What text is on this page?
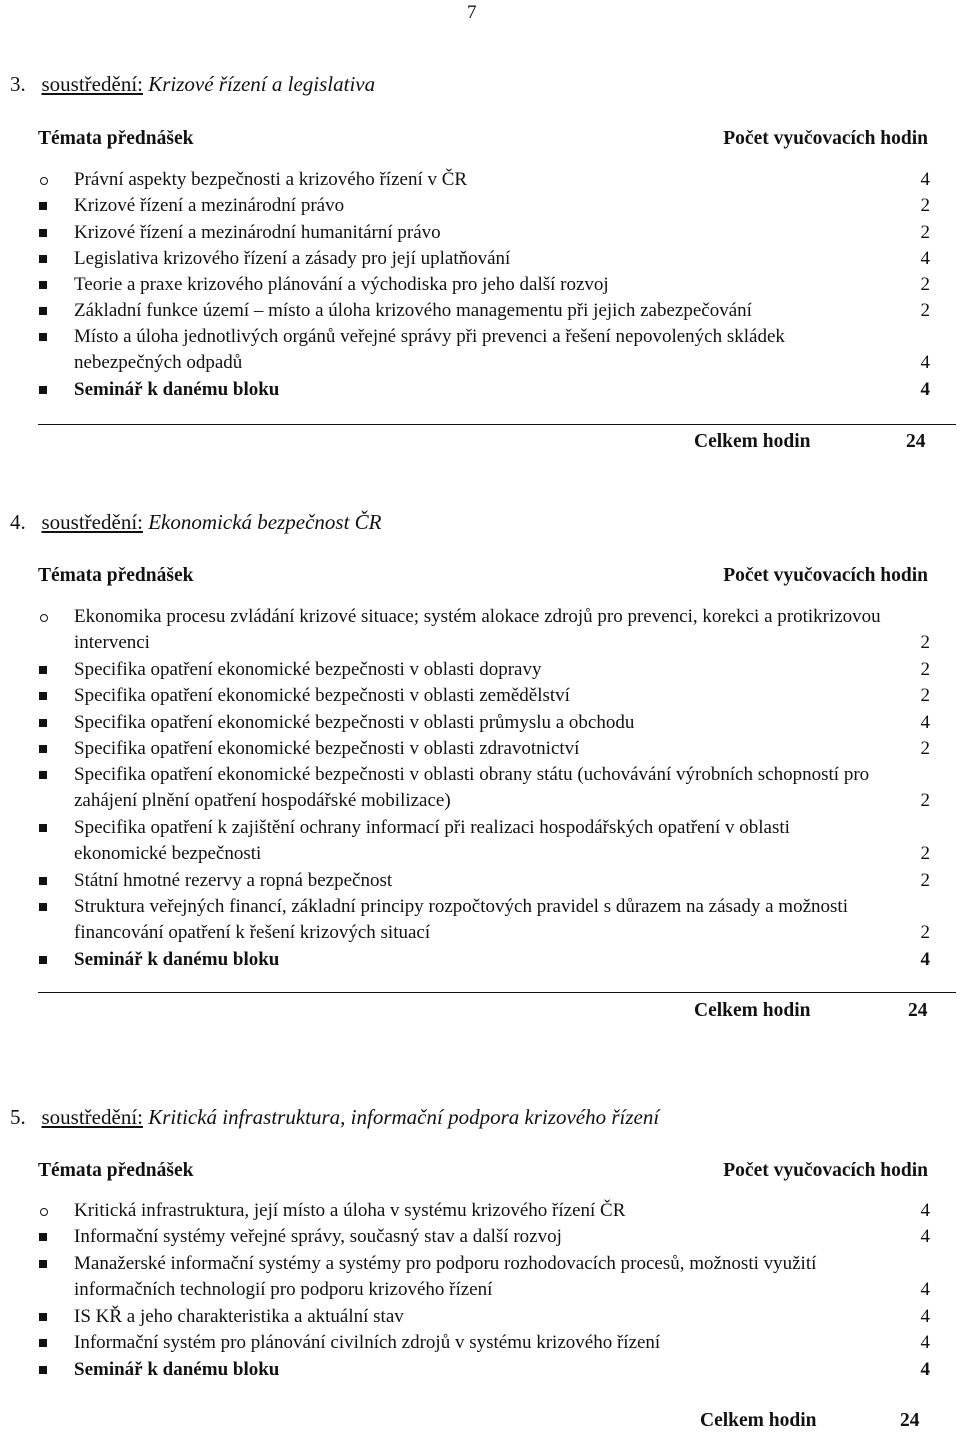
7
3. soustředění: Krizové řízení a legislativa
Témata přednášek	Počet vyučovacích hodin
Právní aspekty bezpečnosti a krizového řízení v ČR	4
Krizové řízení a mezinárodní právo	2
Krizové řízení a mezinárodní humanitární právo	2
Legislativa krizového řízení a zásady pro její uplatňování	4
Teorie a praxe krizového plánování a východiska pro jeho další rozvoj	2
Základní funkce území – místo a úloha krizového managementu při jejich zabezpečování	2
Místo a úloha jednotlivých orgánů veřejné správy při prevenci a řešení nepovolených skládek nebezpečných odpadů	4
Seminář k danému bloku	4
Celkem hodin	24
4. soustředění: Ekonomická bezpečnost ČR
Témata přednášek	Počet vyučovacích hodin
Ekonomika procesu zvládání krizové situace; systém alokace zdrojů pro prevenci, korekci a protikrizovou intervenci	2
Specifika opatření ekonomické bezpečnosti v oblasti dopravy	2
Specifika opatření ekonomické bezpečnosti v oblasti zemědělství	2
Specifika opatření ekonomické bezpečnosti v oblasti průmyslu a obchodu	4
Specifika opatření ekonomické bezpečnosti v oblasti zdravotnictví	2
Specifika opatření ekonomické bezpečnosti v oblasti obrany státu (uchovávání výrobních schopností pro zahájení plnění opatření hospodářské mobilizace)	2
Specifika opatření k zajištění ochrany informací při realizaci hospodářských opatření v oblasti ekonomické bezpečnosti	2
Státní hmotné rezervy a ropná bezpečnost	2
Struktura veřejných financí, základní principy rozpočtových pravidel s důrazem na zásady a možnosti financování opatření k řešení krizových situací	2
Seminář k danému bloku	4
Celkem hodin	24
5. soustředění: Kritická infrastruktura, informační podpora krizového řízení
Témata přednášek	Počet vyučovacích hodin
Kritická infrastruktura, její místo a úloha v systému krizového řízení ČR	4
Informační systémy veřejné správy, současný stav a další rozvoj	4
Manažerské informační systémy a systémy pro podporu rozhodovacích procesů, možnosti využití informačních technologií pro podporu krizového řízení	4
IS KŘ a jeho charakteristika a aktuální stav	4
Informační systém pro plánování civilních zdrojů v systému krizového řízení	4
Seminář k danému bloku	4
Celkem hodin	24
